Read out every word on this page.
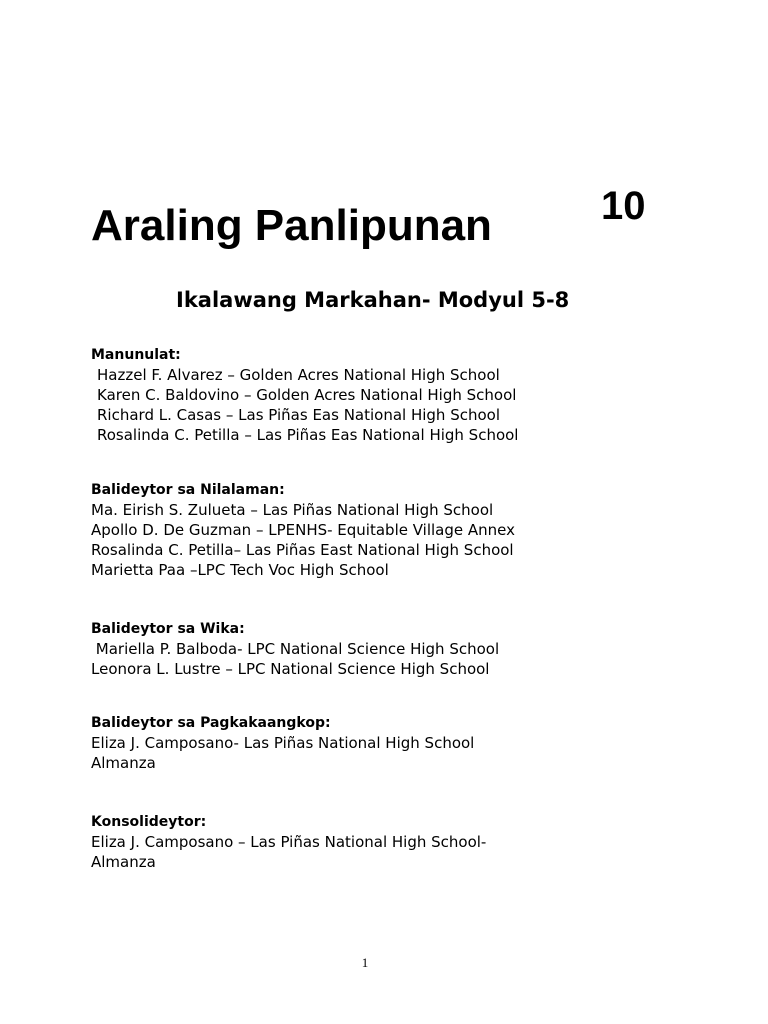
Araling Panlipunan	10
Ikalawang Markahan- Modyul 5-8
Manunulat:
Hazzel F. Alvarez – Golden Acres National High School
Karen C. Baldovino – Golden Acres National High School
Richard L. Casas – Las Piñas Eas National High School
Rosalinda C. Petilla – Las Piñas Eas National High School
Balideytor sa Nilalaman:
Ma. Eirish S. Zulueta – Las Piñas National High School
Apollo D. De Guzman – LPENHS- Equitable Village Annex
Rosalinda C. Petilla– Las Piñas East National High School
Marietta Paa –LPC Tech Voc High School
Balideytor sa Wika:
Mariella P. Balboda- LPC National Science High School
Leonora L. Lustre – LPC National Science High School
Balideytor sa Pagkakaangkop:
Eliza J. Camposano- Las Piñas National High School
Almanza
Konsolideytor:
Eliza J. Camposano – Las Piñas National High School-
Almanza
1
